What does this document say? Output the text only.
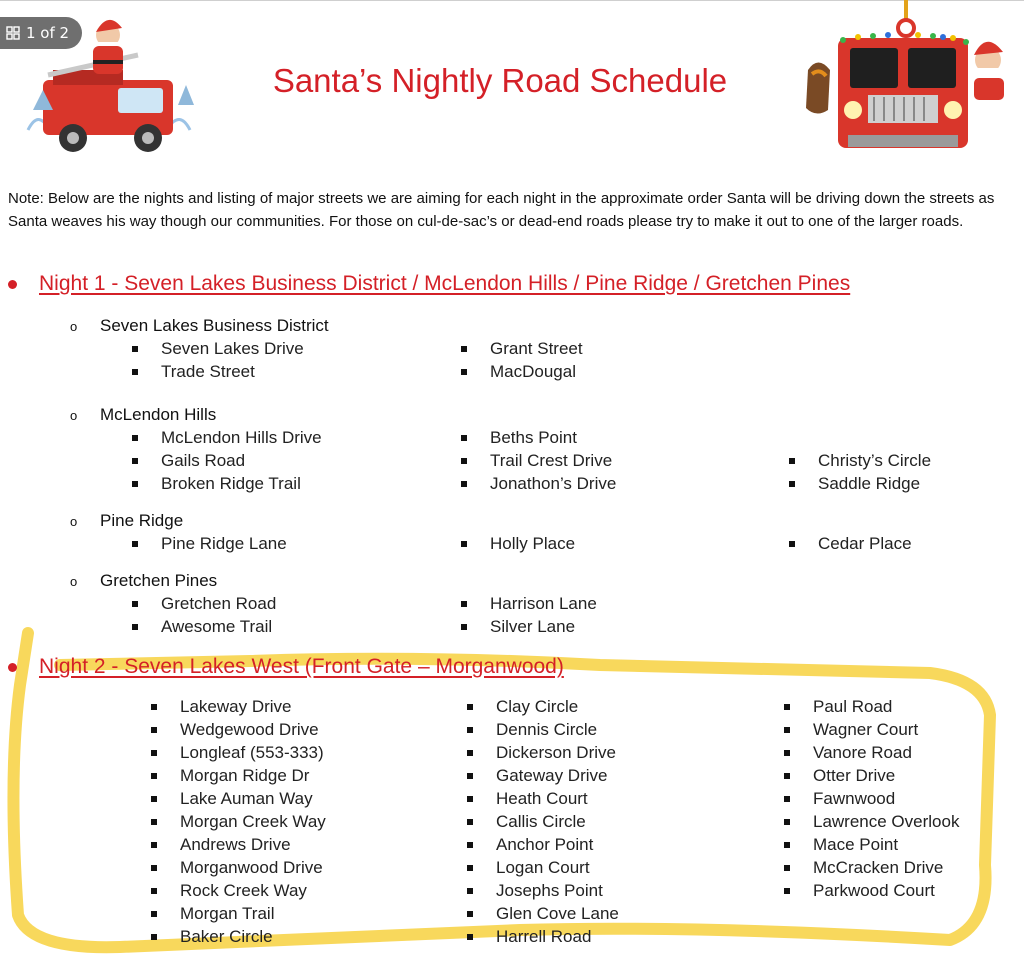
1 of 2
Santa’s Nightly Road Schedule
Note: Below are the nights and listing of major streets we are aiming for each night in the approximate order Santa will be driving down the streets as Santa weaves his way though our communities. For those on cul-de-sac’s or dead-end roads please try to make it out to one of the larger roads.
Night 1 - Seven Lakes Business District / McLendon Hills / Pine Ridge / Gretchen Pines
o	Seven Lakes Business District
Seven Lakes Drive
Trade Street
Grant Street
MacDougal
o	McLendon Hills
McLendon Hills Drive
Gails Road
Broken Ridge Trail
Beths Point
Trail Crest Drive
Jonathon’s Drive
Christy’s Circle
Saddle Ridge
o	Pine Ridge
Pine Ridge Lane	Holly Place	Cedar Place
o	Gretchen Pines
Gretchen Road
Awesome Trail
Harrison Lane
Silver Lane
Night 2 - Seven Lakes West (Front Gate – Morganwood)
Lakeway Drive
Wedgewood Drive
Longleaf (553-333)
Morgan Ridge Dr
Lake Auman Way
Morgan Creek Way
Andrews Drive
Morganwood Drive
Rock Creek Way
Morgan Trail
Baker Circle
Clay Circle
Dennis Circle
Dickerson Drive
Gateway Drive
Heath Court
Callis Circle
Anchor Point
Logan Court
Josephs Point
Glen Cove Lane
Harrell Road
Paul Road
Wagner Court
Vanore Road
Otter Drive
Fawnwood
Lawrence Overlook
Mace Point
McCracken Drive
Parkwood Court
